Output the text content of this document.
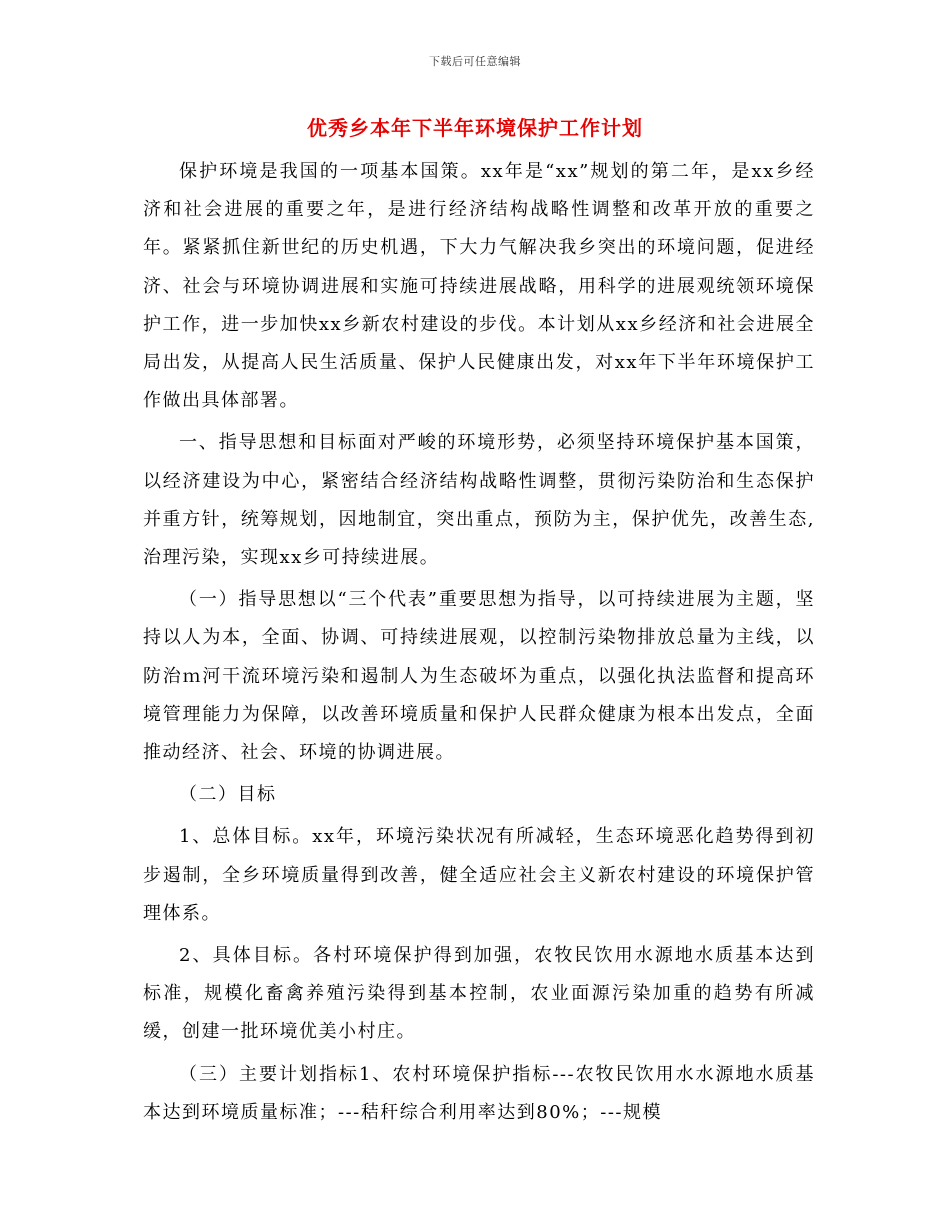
下载后可任意编辑
优秀乡本年下半年环境保护工作计划

保护环境是我国的一项基本国策。xx年是“xx”规划的第二年，是xx乡经济和社会进展的重要之年，是进行经济结构战略性调整和改革开放的重要之年。紧紧抓住新世纪的历史机遇，下大力气解决我乡突出的环境问题，促进经济、社会与环境协调进展和实施可持续进展战略，用科学的进展观统领环境保护工作，进一步加快xx乡新农村建设的步伐。本计划从xx乡经济和社会进展全局出发，从提高人民生活质量、保护人民健康出发，对xx年下半年环境保护工作做出具体部署。

一、指导思想和目标面对严峻的环境形势，必须坚持环境保护基本国策，以经济建设为中心，紧密结合经济结构战略性调整，贯彻污染防治和生态保护并重方针，统筹规划，因地制宜，突出重点，预防为主，保护优先，改善生态,治理污染，实现xx乡可持续进展。

（一）指导思想以“三个代表”重要思想为指导，以可持续进展为主题，坚持以人为本，全面、协调、可持续进展观，以控制污染物排放总量为主线，以防治ｍ河干流环境污染和遏制人为生态破坏为重点，以强化执法监督和提高环境管理能力为保障，以改善环境质量和保护人民群众健康为根本出发点，全面推动经济、社会、环境的协调进展。

（二）目标

1、总体目标。xx年，环境污染状况有所减轻，生态环境恶化趋势得到初步遏制，全乡环境质量得到改善，健全适应社会主义新农村建设的环境保护管理体系。

2、具体目标。各村环境保护得到加强，农牧民饮用水源地水质基本达到标准，规模化畜禽养殖污染得到基本控制，农业面源污染加重的趋势有所减缓，创建一批环境优美小村庄。

（三）主要计划指标1、农村环境保护指标---农牧民饮用水水源地水质基本达到环境质量标准；---秸秆综合利用率达到80%；---规模
